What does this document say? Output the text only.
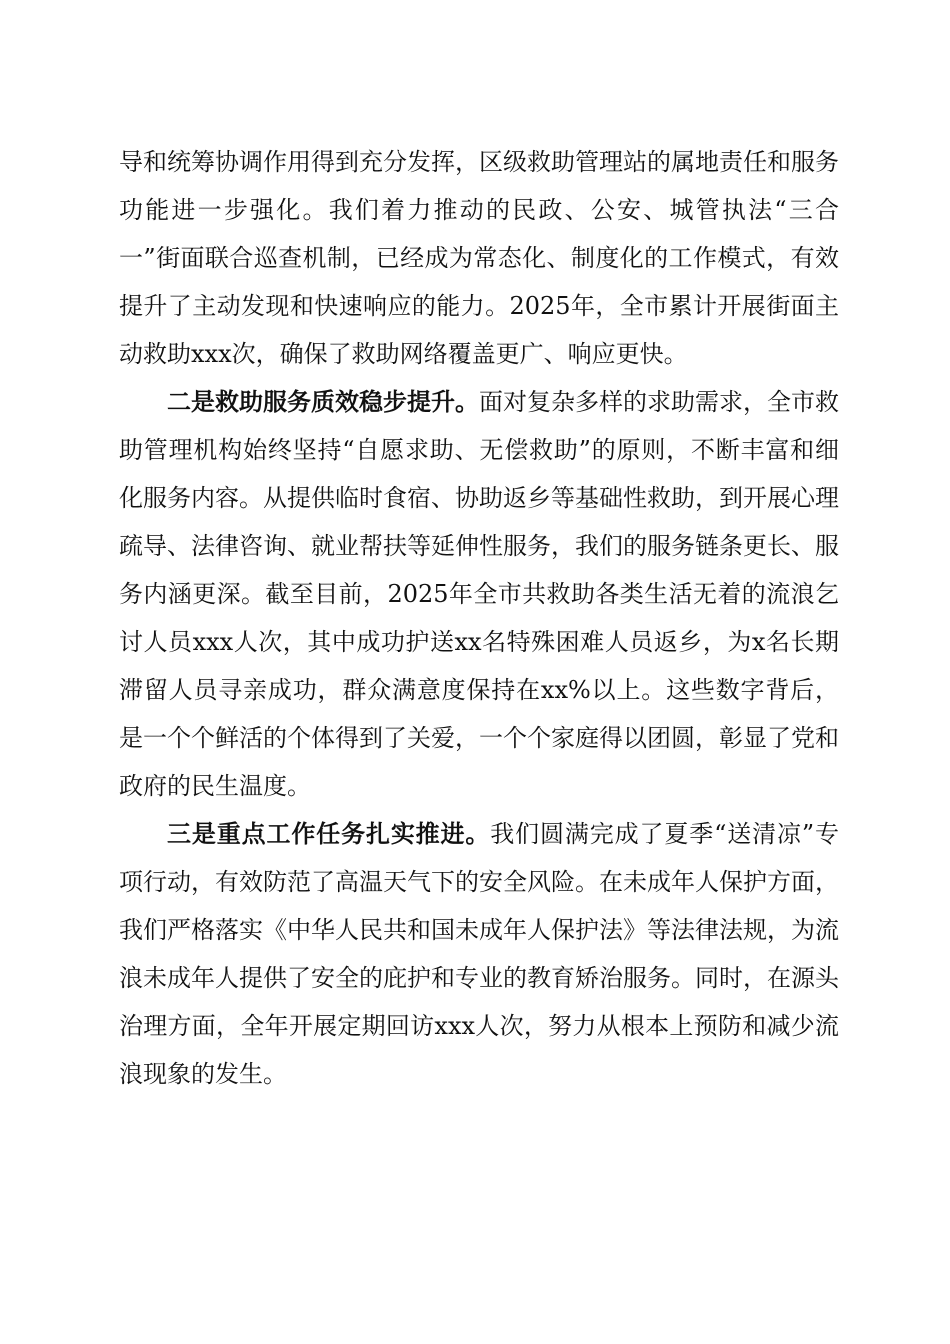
导和统筹协调作用得到充分发挥，区级救助管理站的属地责任和服务功能进一步强化。我们着力推动的民政、公安、城管执法“三合一”街面联合巡查机制，已经成为常态化、制度化的工作模式，有效提升了主动发现和快速响应的能力。2025年，全市累计开展街面主动救助xxx次，确保了救助网络覆盖更广、响应更快。

二是救助服务质效稳步提升。面对复杂多样的求助需求，全市救助管理机构始终坚持“自愿求助、无偿救助”的原则，不断丰富和细化服务内容。从提供临时食宿、协助返乡等基础性救助，到开展心理疏导、法律咨询、就业帮扶等延伸性服务，我们的服务链条更长、服务内涵更深。截至目前，2025年全市共救助各类生活无着的流浪乞讨人员xxx人次，其中成功护送xx名特殊困难人员返乡，为x名长期滞留人员寻亲成功，群众满意度保持在xx%以上。这些数字背后，是一个个鲜活的个体得到了关爱，一个个家庭得以团圆，彰显了党和政府的民生温度。

三是重点工作任务扎实推进。我们圆满完成了夏季“送清凉”专项行动，有效防范了高温天气下的安全风险。在未成年人保护方面，我们严格落实《中华人民共和国未成年人保护法》等法律法规，为流浪未成年人提供了安全的庇护和专业的教育矫治服务。同时，在源头治理方面，全年开展定期回访xxx人次，努力从根本上预防和减少流浪现象的发生。
